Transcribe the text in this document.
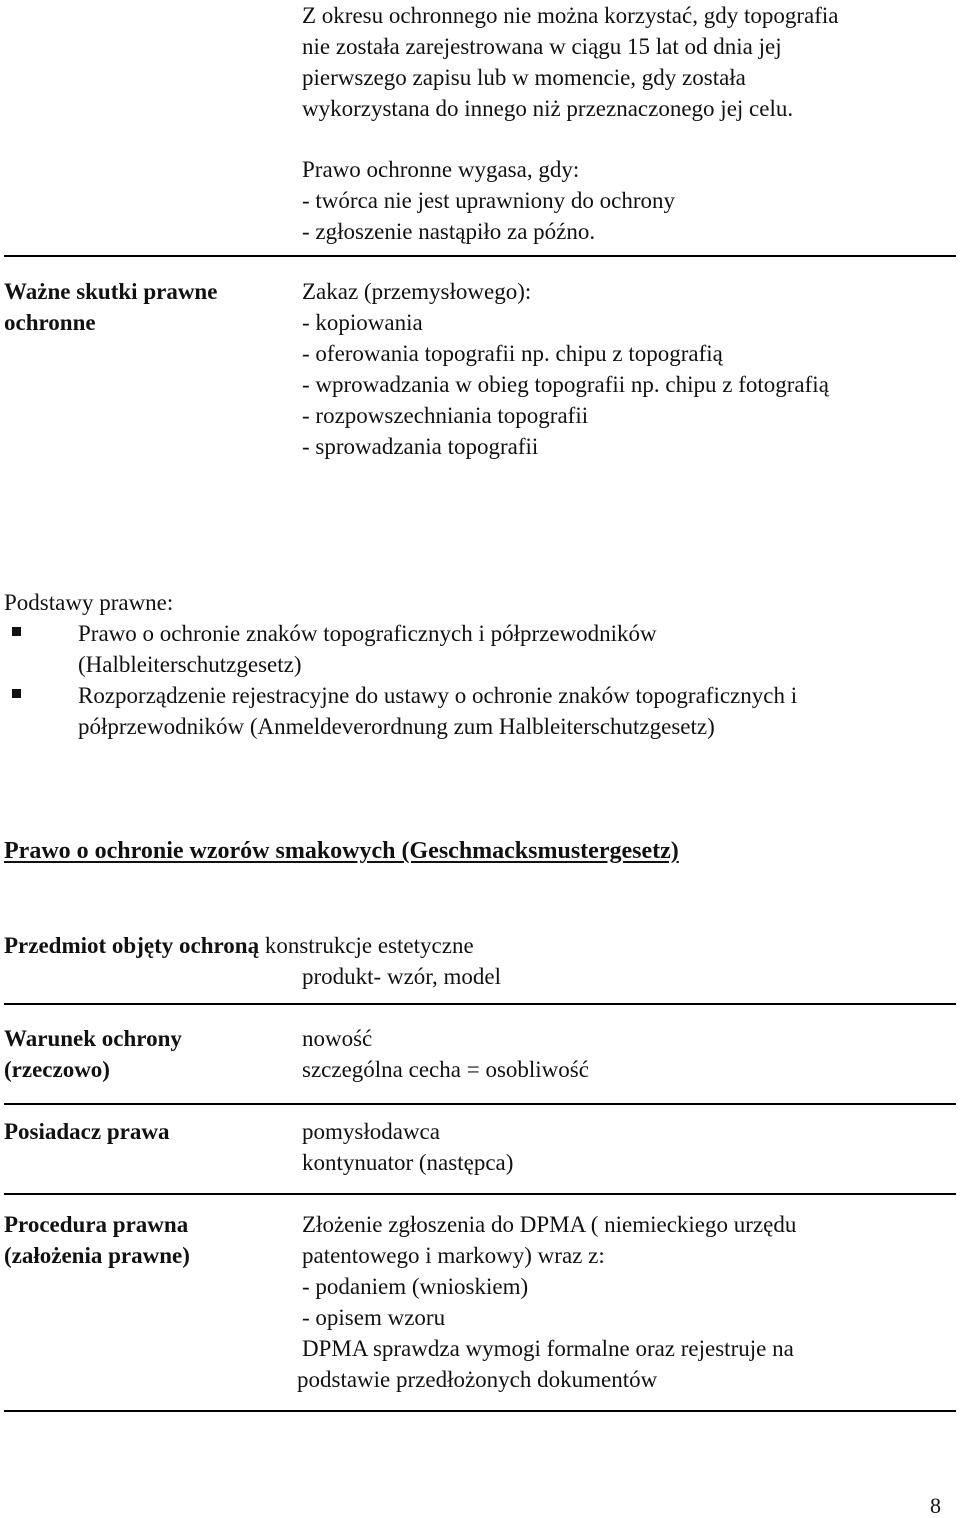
Z okresu ochronnego nie można korzystać, gdy topografia
nie została zarejestrowana w ciągu 15 lat od dnia jej
pierwszego zapisu lub w momencie, gdy została
wykorzystana do innego niż przeznaczonego jej celu.
Prawo ochronne wygasa, gdy:
- twórca nie jest uprawniony do ochrony
- zgłoszenie nastąpiło za późno.
Ważne skutki prawne
ochronne
Zakaz (przemysłowego):
- kopiowania
- oferowania topografii np. chipu z topografią
- wprowadzania w obieg topografii np. chipu z fotografią
- rozpowszechniania topografii
- sprowadzania topografii
Podstawy prawne:
Prawo o ochronie znaków topograficznych i półprzewodników
(Halbleiterschutzgesetz)
Rozporządzenie rejestracyjne do ustawy o ochronie znaków topograficznych i
półprzewodników (Anmeldeverordnung zum Halbleiterschutzgesetz)
Prawo o ochronie wzorów smakowych (Geschmacksmustergesetz)
Przedmiot objęty ochroną konstrukcje estetyczne
produkt- wzór, model
Warunek ochrony
(rzeczowo)
nowość
szczególna cecha = osobliwość
Posiadacz prawa	pomysłodawca
kontynuator (następca)
Procedura prawna
(założenia prawne)
Złożenie zgłoszenia do DPMA ( niemieckiego urzędu
patentowego i markowy) wraz z:
- podaniem (wnioskiem)
- opisem wzoru
DPMA sprawdza wymogi formalne oraz rejestruje na
podstawie przedłożonych dokumentów
8
